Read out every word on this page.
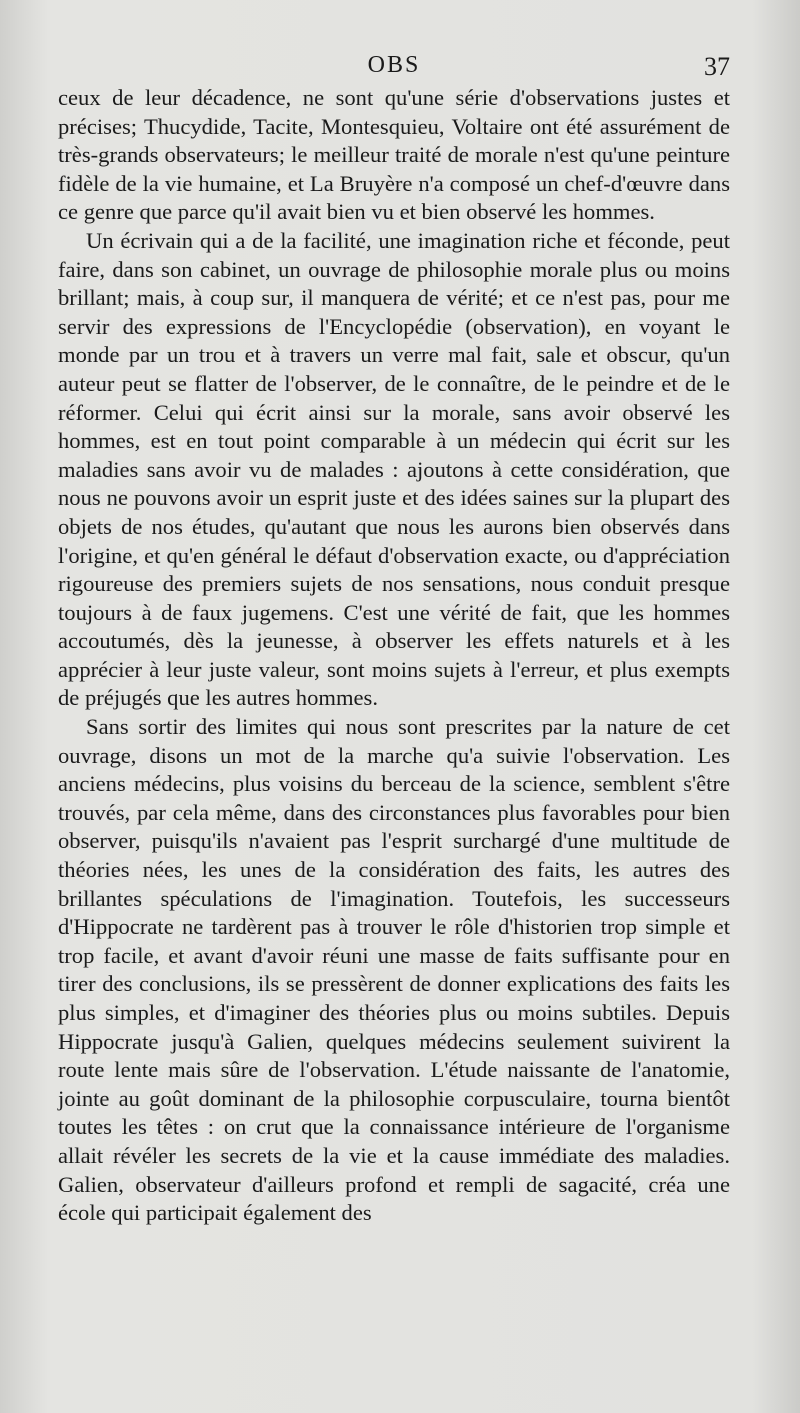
OBS	37

ceux de leur décadence, ne sont qu'une série d'observations justes et précises; Thucydide, Tacite, Montesquieu, Voltaire ont été assurément de très-grands observateurs; le meilleur traité de morale n'est qu'une peinture fidèle de la vie humaine, et La Bruyère n'a composé un chef-d'œuvre dans ce genre que parce qu'il avait bien vu et bien observé les hommes.

Un écrivain qui a de la facilité, une imagination riche et féconde, peut faire, dans son cabinet, un ouvrage de philosophie morale plus ou moins brillant; mais, à coup sur, il manquera de vérité; et ce n'est pas, pour me servir des expressions de l'Encyclopédie (observation), en voyant le monde par un trou et à travers un verre mal fait, sale et obscur, qu'un auteur peut se flatter de l'observer, de le connaître, de le peindre et de le réformer. Celui qui écrit ainsi sur la morale, sans avoir observé les hommes, est en tout point comparable à un médecin qui écrit sur les maladies sans avoir vu de malades : ajoutons à cette considération, que nous ne pouvons avoir un esprit juste et des idées saines sur la plupart des objets de nos études, qu'autant que nous les aurons bien observés dans l'origine, et qu'en général le défaut d'observation exacte, ou d'appréciation rigoureuse des premiers sujets de nos sensations, nous conduit presque toujours à de faux jugemens. C'est une vérité de fait, que les hommes accoutumés, dès la jeunesse, à observer les effets naturels et à les apprécier à leur juste valeur, sont moins sujets à l'erreur, et plus exempts de préjugés que les autres hommes.

Sans sortir des limites qui nous sont prescrites par la nature de cet ouvrage, disons un mot de la marche qu'a suivie l'observation. Les anciens médecins, plus voisins du berceau de la science, semblent s'être trouvés, par cela même, dans des circonstances plus favorables pour bien observer, puisqu'ils n'avaient pas l'esprit surchargé d'une multitude de théories nées, les unes de la considération des faits, les autres des brillantes spéculations de l'imagination. Toutefois, les successeurs d'Hippocrate ne tardèrent pas à trouver le rôle d'historien trop simple et trop facile, et avant d'avoir réuni une masse de faits suffisante pour en tirer des conclusions, ils se pressèrent de donner explications des faits les plus simples, et d'imaginer des théories plus ou moins subtiles. Depuis Hippocrate jusqu'à Galien, quelques médecins seulement suivirent la route lente mais sûre de l'observation. L'étude naissante de l'anatomie, jointe au goût dominant de la philosophie corpusculaire, tourna bientôt toutes les têtes : on crut que la connaissance intérieure de l'organisme allait révéler les secrets de la vie et la cause immédiate des maladies. Galien, observateur d'ailleurs profond et rempli de sagacité, créa une école qui participait également des
